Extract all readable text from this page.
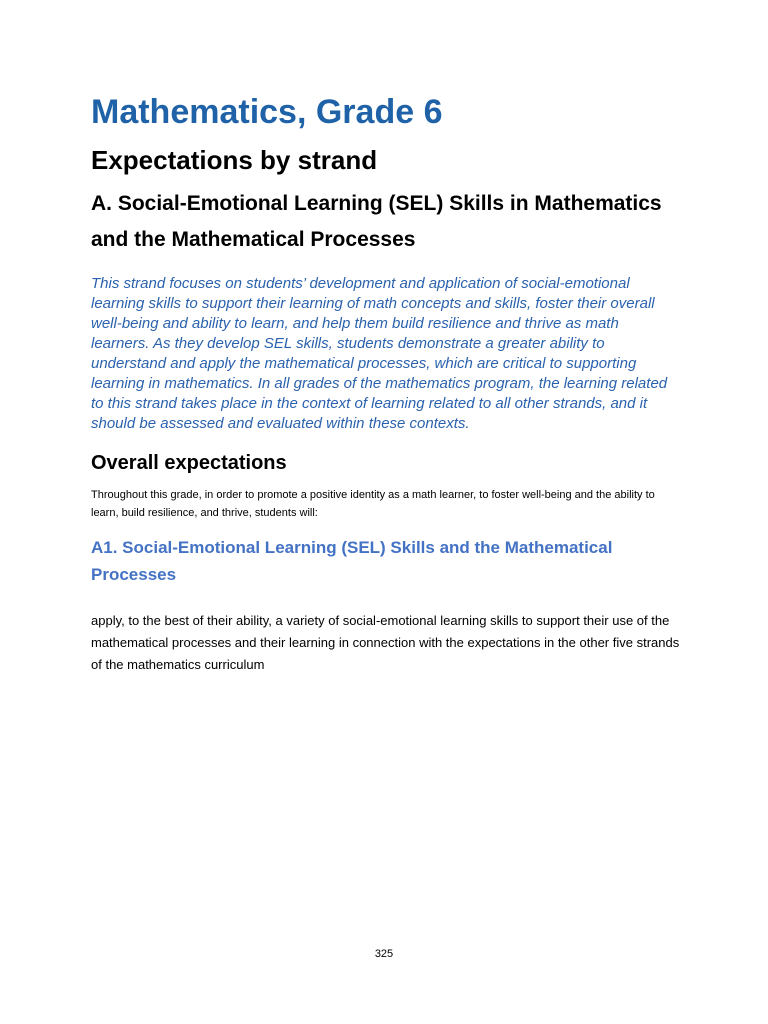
Mathematics, Grade 6
Expectations by strand
A. Social-Emotional Learning (SEL) Skills in Mathematics and the Mathematical Processes

This strand focuses on students’ development and application of social-emotional learning skills to support their learning of math concepts and skills, foster their overall well-being and ability to learn, and help them build resilience and thrive as math learners. As they develop SEL skills, students demonstrate a greater ability to understand and apply the mathematical processes, which are critical to supporting learning in mathematics. In all grades of the mathematics program, the learning related to this strand takes place in the context of learning related to all other strands, and it should be assessed and evaluated within these contexts.

Overall expectations

Throughout this grade, in order to promote a positive identity as a math learner, to foster well-being and the ability to learn, build resilience, and thrive, students will:

A1. Social-Emotional Learning (SEL) Skills and the Mathematical Processes

apply, to the best of their ability, a variety of social-emotional learning skills to support their use of the mathematical processes and their learning in connection with the expectations in the other five strands of the mathematics curriculum

325
